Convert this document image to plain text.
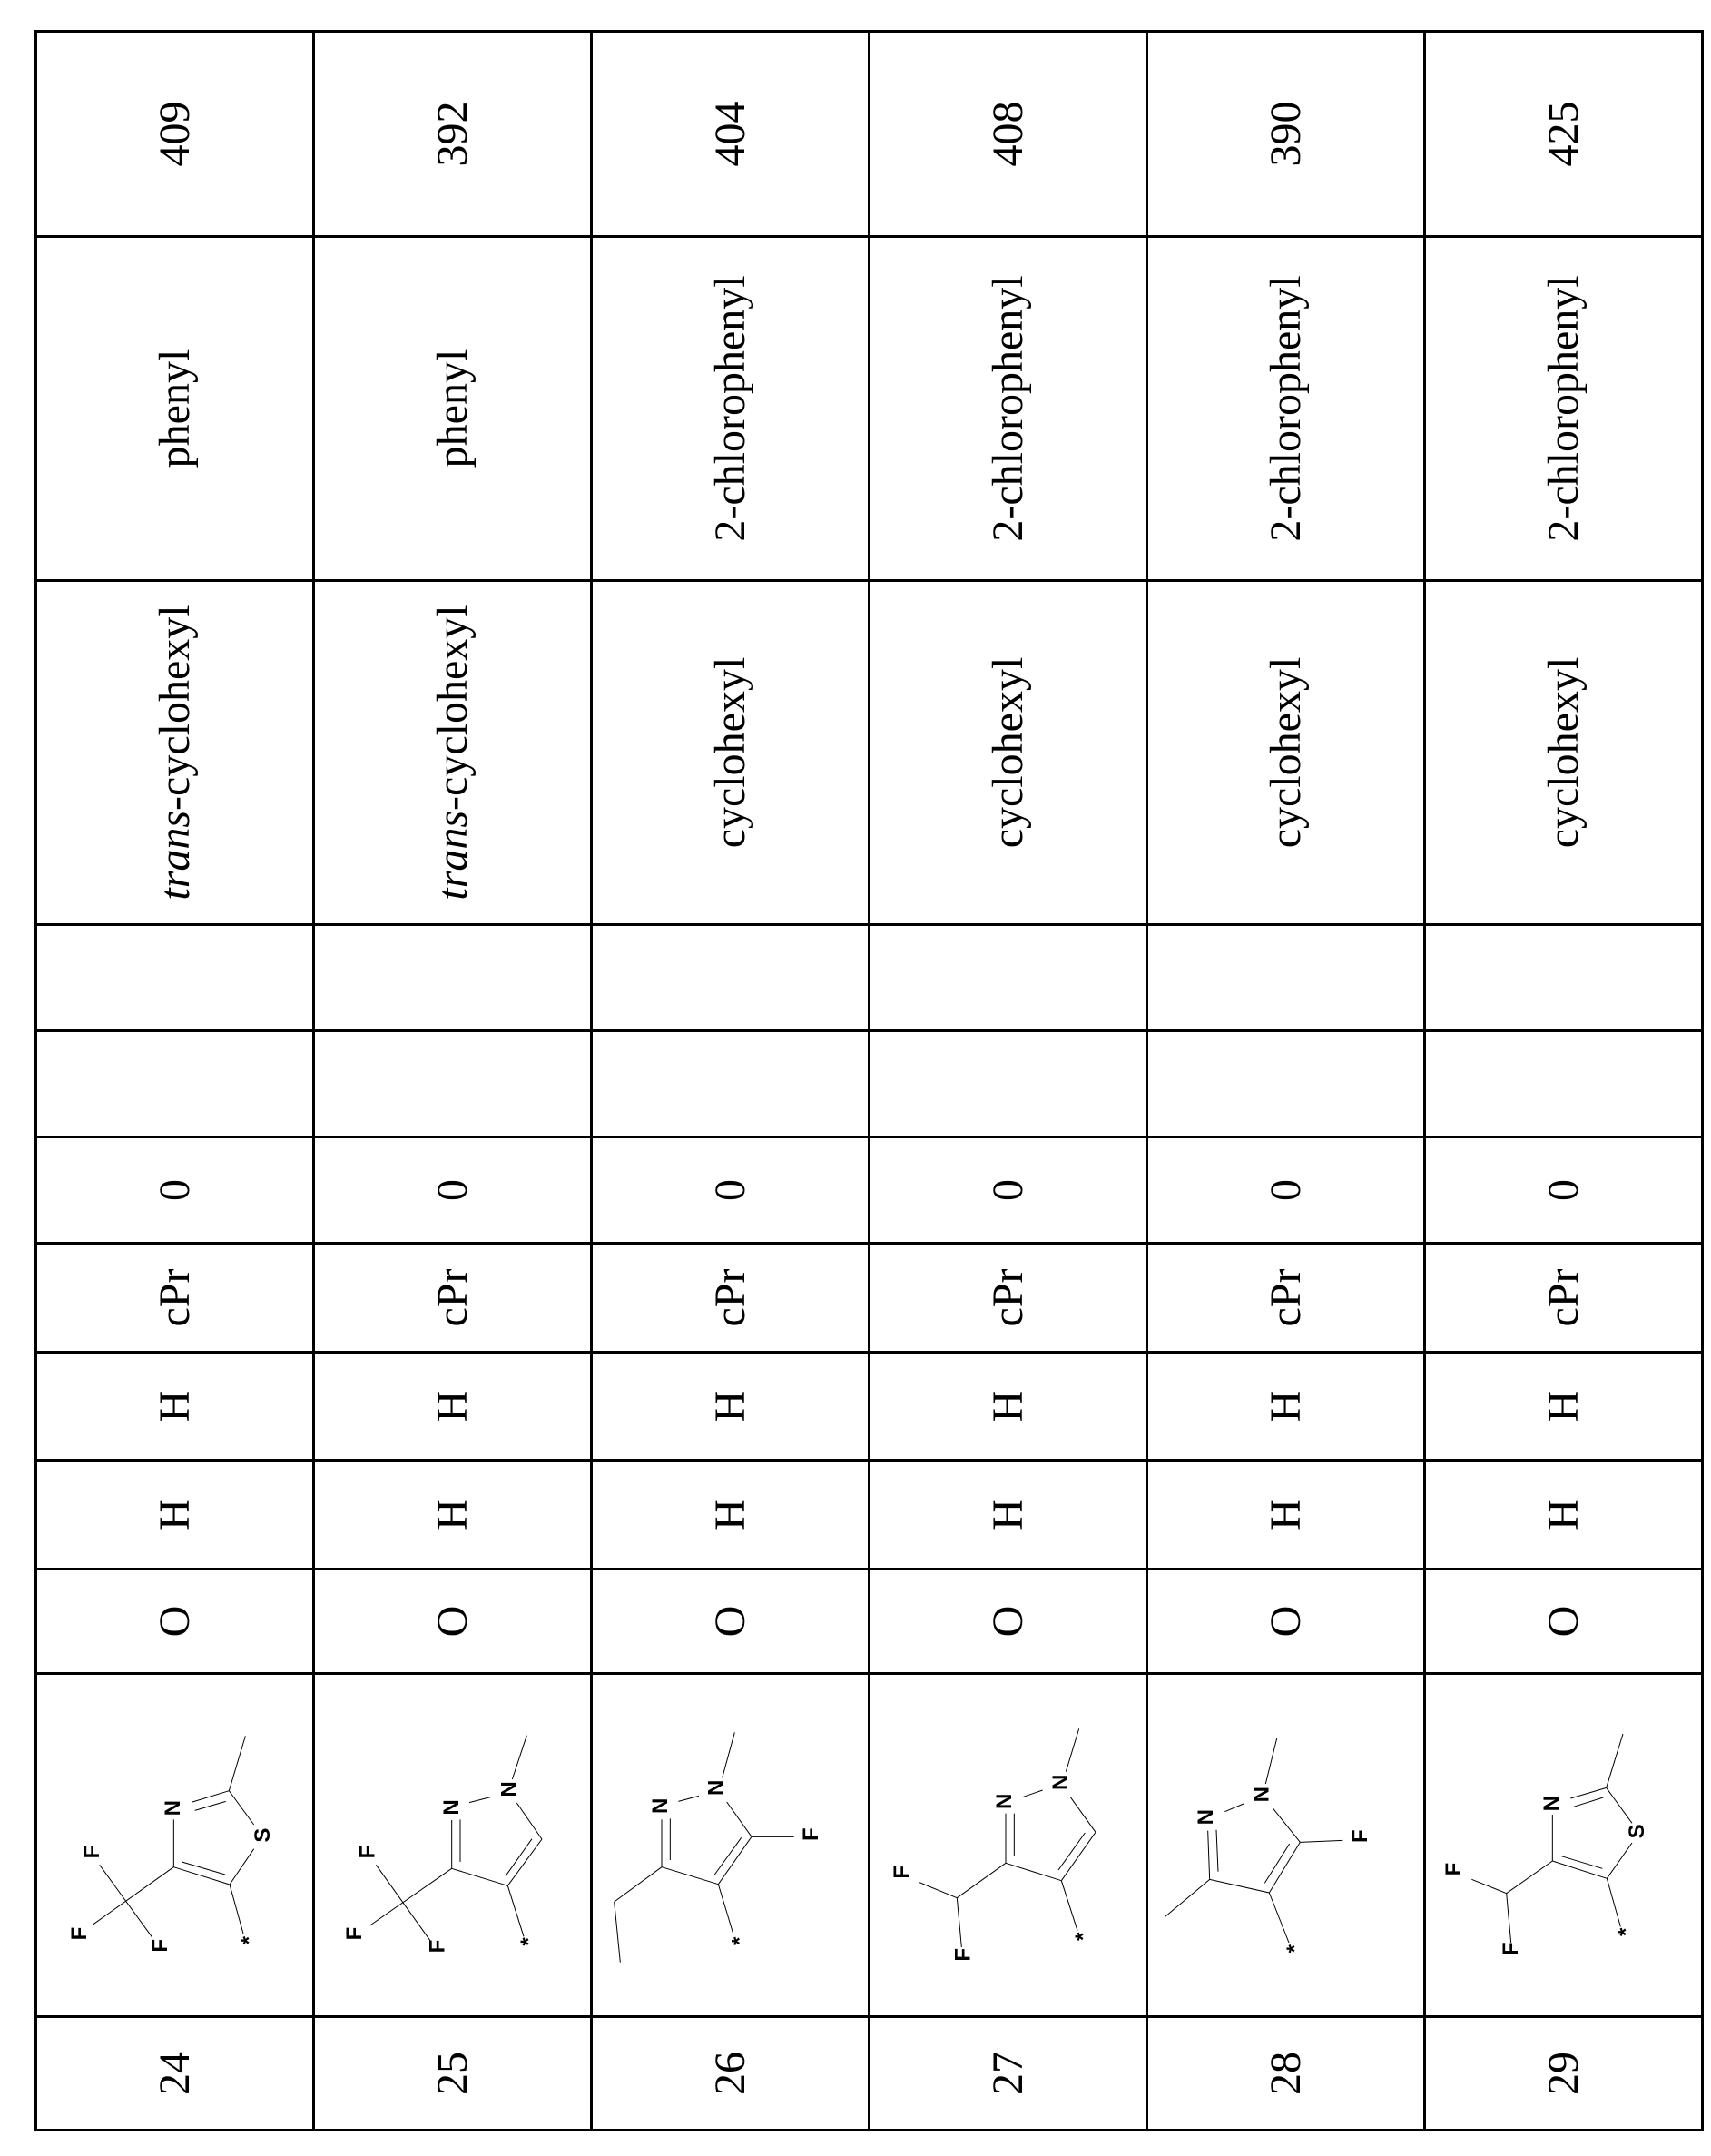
24		O	H	H	cPr	0			trans-cyclohexyl	phenyl	409
25		O	H	H	cPr	0			trans-cyclohexyl	phenyl	392
26		O	H	H	cPr	0			cyclohexyl	2-chlorophenyl	404
27		O	H	H	cPr	0			cyclohexyl	2-chlorophenyl	408
28		O	H	H	cPr	0			cyclohexyl	2-chlorophenyl	390
29		O	H	H	cPr	0			cyclohexyl	2-chlorophenyl	425
N
S
F
F
F *
N
N
F
F
F *
N
N
F
*
N
N
F
F
*
N
N
F
*
N
S
F
F
*
